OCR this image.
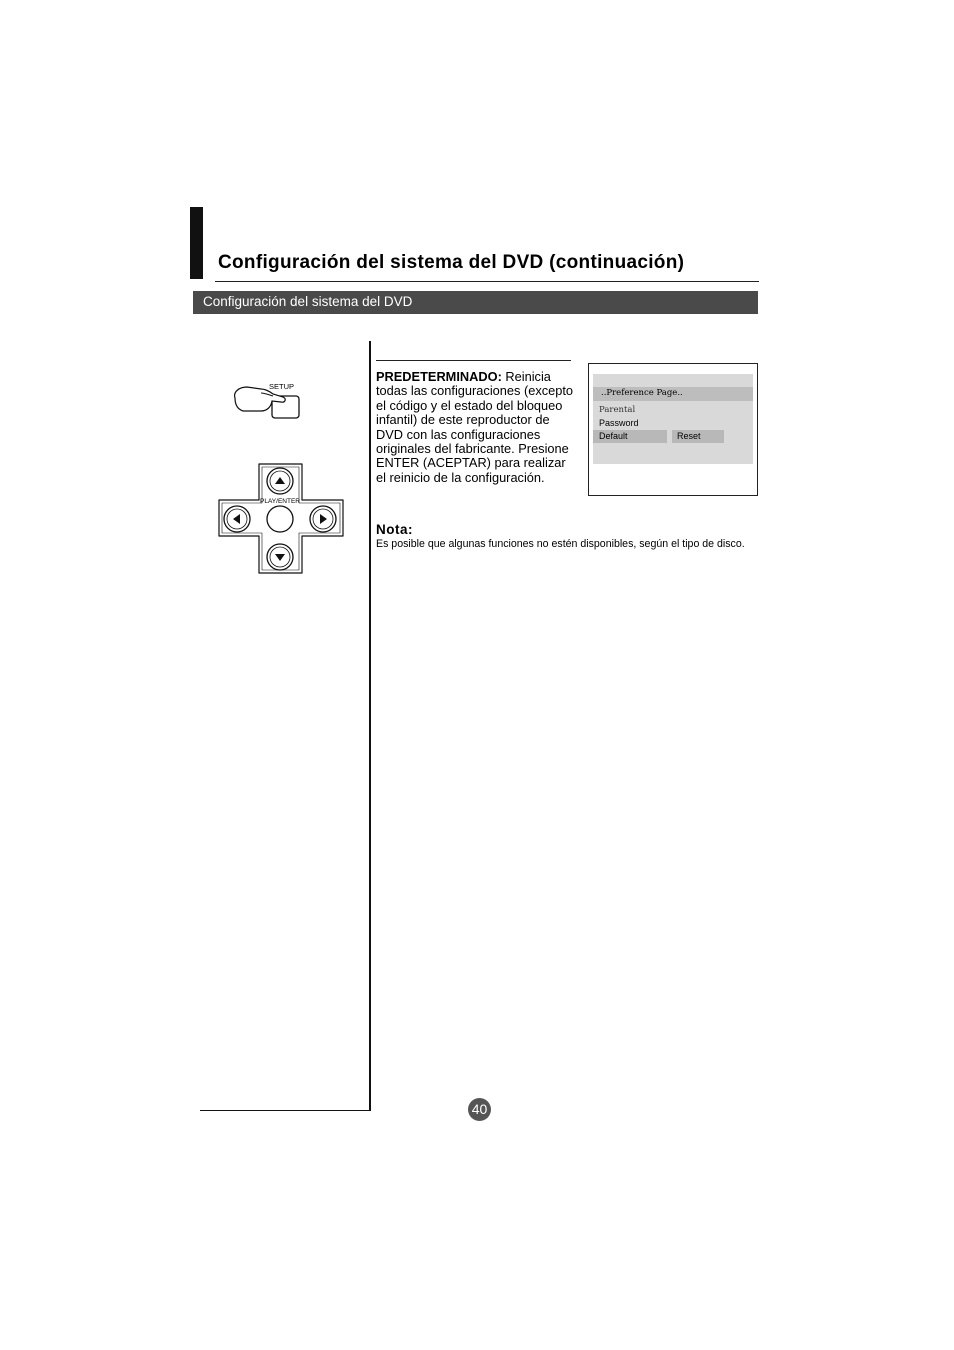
Configuración del sistema del DVD (continuación)
Configuración del sistema del DVD
SETUP
PLAY/ENTER
PREDETERMINADO: Reinicia todas las configuraciones (excepto el código y el estado del bloqueo infantil) de este reproductor de DVD con las configuraciones originales del fabricante. Presione ENTER (ACEPTAR) para realizar el reinicio de la configuración.
..Preference Page..
Parental
Password
Default	Reset
Nota:
Es posible que algunas funciones no estén disponibles, según el tipo de disco.
40
